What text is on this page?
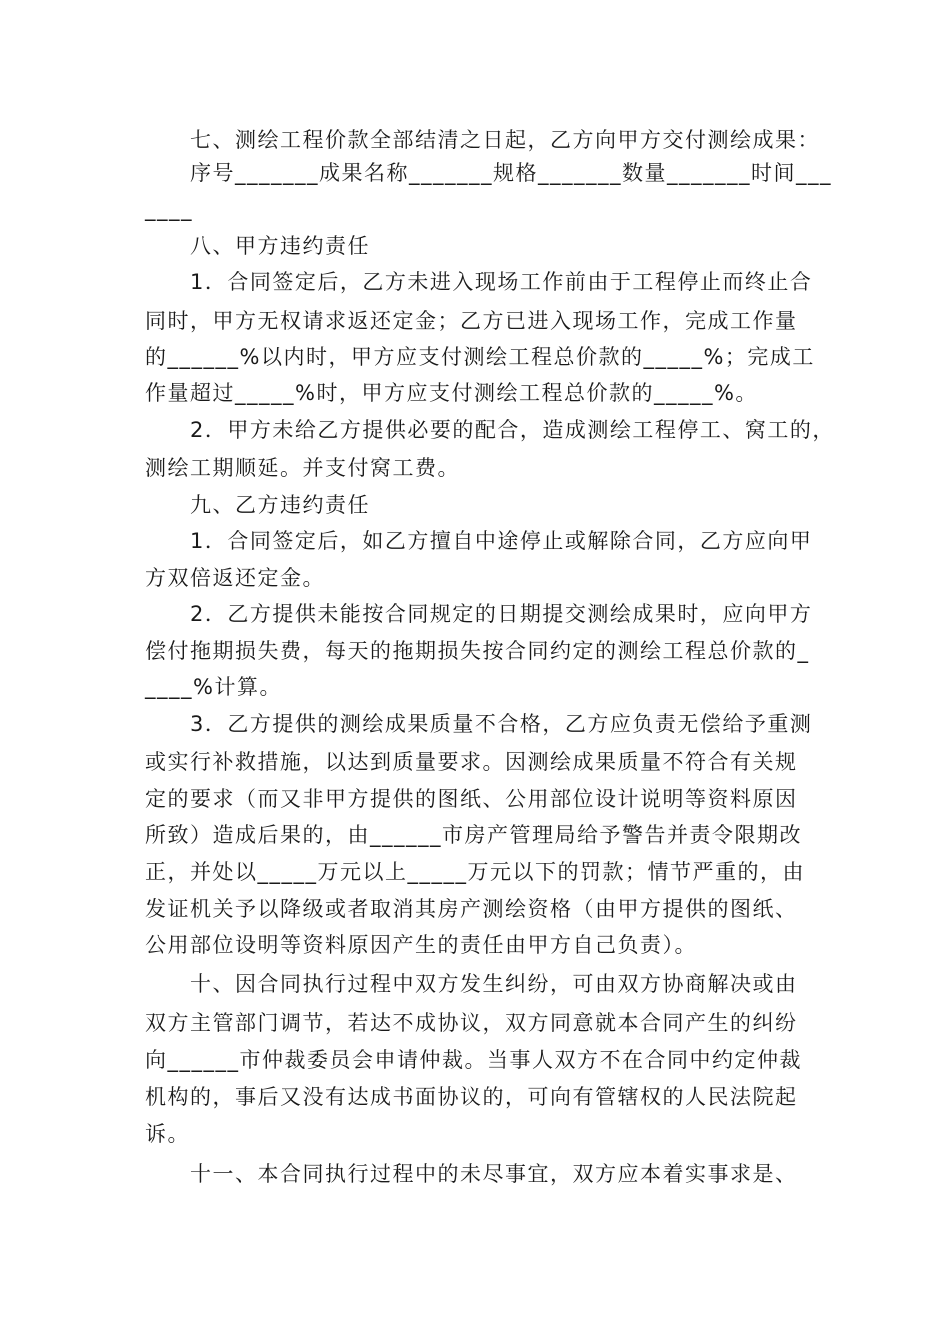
七、测绘工程价款全部结清之日起，乙方向甲方交付测绘成果：
序号_______成果名称_______规格_______数量_______时间___
____
八、甲方违约责任
1．合同签定后，乙方未进入现场工作前由于工程停止而终止合
同时，甲方无权请求返还定金；乙方已进入现场工作，完成工作量
的______%以内时，甲方应支付测绘工程总价款的_____%；完成工
作量超过_____%时，甲方应支付测绘工程总价款的_____%。
2．甲方未给乙方提供必要的配合，造成测绘工程停工、窝工的，
测绘工期顺延。并支付窝工费。
九、乙方违约责任
1．合同签定后，如乙方擅自中途停止或解除合同，乙方应向甲
方双倍返还定金。
2．乙方提供未能按合同规定的日期提交测绘成果时，应向甲方
偿付拖期损失费，每天的拖期损失按合同约定的测绘工程总价款的_
____%计算。
3．乙方提供的测绘成果质量不合格，乙方应负责无偿给予重测
或实行补救措施，以达到质量要求。因测绘成果质量不符合有关规
定的要求（而又非甲方提供的图纸、公用部位设计说明等资料原因
所致）造成后果的，由______市房产管理局给予警告并责令限期改
正，并处以_____万元以上_____万元以下的罚款；情节严重的，由
发证机关予以降级或者取消其房产测绘资格（由甲方提供的图纸、
公用部位设明等资料原因产生的责任由甲方自己负责）。
十、因合同执行过程中双方发生纠纷，可由双方协商解决或由
双方主管部门调节，若达不成协议，双方同意就本合同产生的纠纷
向______市仲裁委员会申请仲裁。当事人双方不在合同中约定仲裁
机构的，事后又没有达成书面协议的，可向有管辖权的人民法院起
诉。
十一、本合同执行过程中的未尽事宜，双方应本着实事求是、
